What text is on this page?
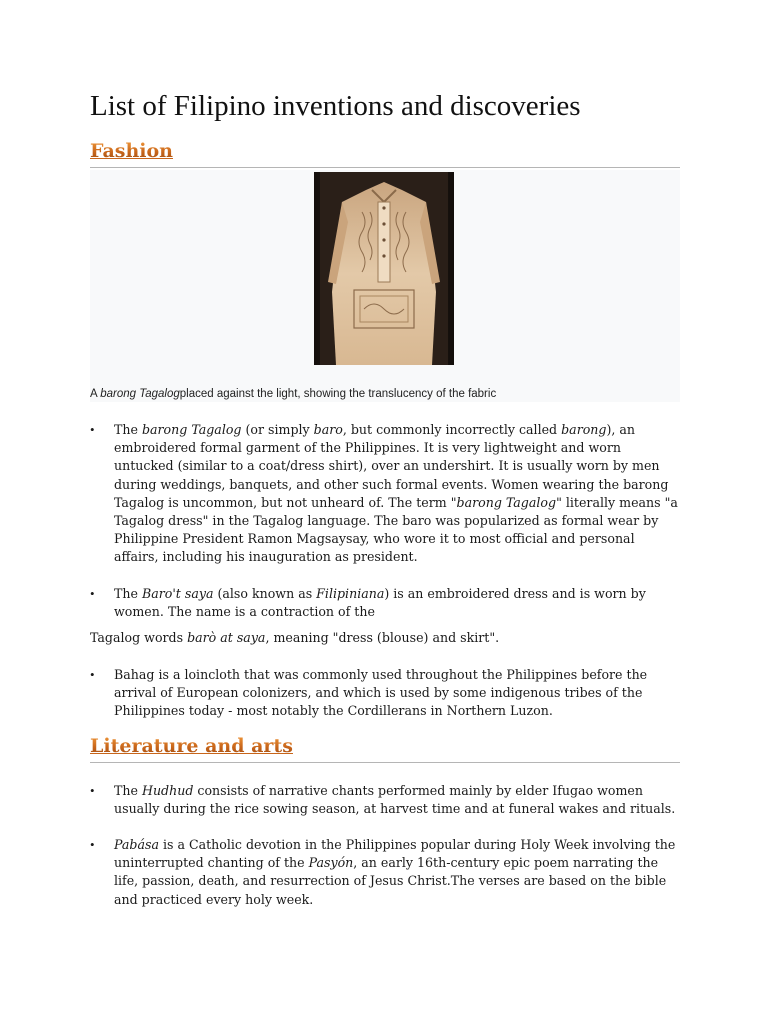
List of Filipino inventions and discoveries
Fashion
A barong Tagalogplaced against the light, showing the translucency of the fabric
• The barong Tagalog (or simply baro, but commonly incorrectly called barong), an embroidered formal garment of the Philippines. It is very lightweight and worn untucked (similar to a coat/dress shirt), over an undershirt. It is usually worn by men during weddings, banquets, and other such formal events. Women wearing the barong Tagalog is uncommon, but not unheard of. The term "barong Tagalog" literally means "a Tagalog dress" in the Tagalog language. The baro was popularized as formal wear by Philippine President Ramon Magsaysay, who wore it to most official and personal affairs, including his inauguration as president.
• The Baro't saya (also known as Filipiniana) is an embroidered dress and is worn by women. The name is a contraction of the

Tagalog words barò at saya, meaning "dress (blouse) and skirt".

• Bahag is a loincloth that was commonly used throughout the Philippines before the arrival of European colonizers, and which is used by some indigenous tribes of the Philippines today - most notably the Cordillerans in Northern Luzon.
Literature and arts
• The Hudhud consists of narrative chants performed mainly by elder Ifugao women usually during the rice sowing season, at harvest time and at funeral wakes and rituals.
• Pabása is a Catholic devotion in the Philippines popular during Holy Week involving the uninterrupted chanting of the Pasyón, an early 16th-century epic poem narrating the life, passion, death, and resurrection of Jesus Christ.The verses are based on the bible and practiced every holy week.
